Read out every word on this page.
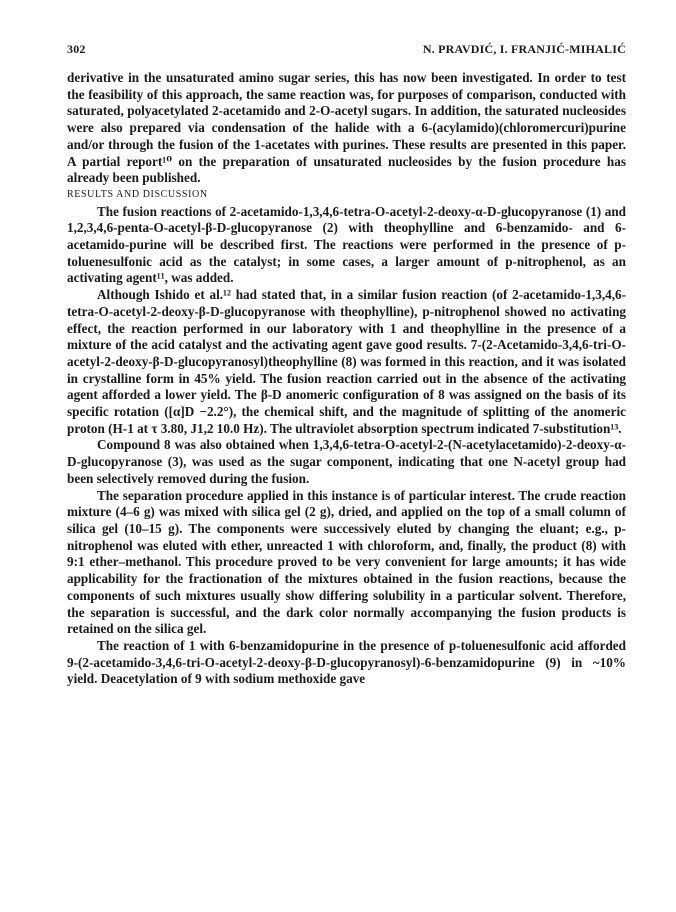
302	N. PRAVDIĆ, I. FRANJIĆ-MIHALIĆ

derivative in the unsaturated amino sugar series, this has now been investigated. In order to test the feasibility of this approach, the same reaction was, for purposes of comparison, conducted with saturated, polyacetylated 2-acetamido and 2-O-acetyl sugars. In addition, the saturated nucleosides were also prepared via condensation of the halide with a 6-(acylamido)(chloromercuri)purine and/or through the fusion of the 1-acetates with purines. These results are presented in this paper. A partial report¹⁰ on the preparation of unsaturated nucleosides by the fusion procedure has already been published.

RESULTS AND DISCUSSION

The fusion reactions of 2-acetamido-1,3,4,6-tetra-O-acetyl-2-deoxy-α-D-glucopyranose (1) and 1,2,3,4,6-penta-O-acetyl-β-D-glucopyranose (2) with theophylline and 6-benzamido- and 6-acetamido-purine will be described first. The reactions were performed in the presence of p-toluenesulfonic acid as the catalyst; in some cases, a larger amount of p-nitrophenol, as an activating agent¹¹, was added.

Although Ishido et al.¹² had stated that, in a similar fusion reaction (of 2-acetamido-1,3,4,6-tetra-O-acetyl-2-deoxy-β-D-glucopyranose with theophylline), p-nitrophenol showed no activating effect, the reaction performed in our laboratory with 1 and theophylline in the presence of a mixture of the acid catalyst and the activating agent gave good results. 7-(2-Acetamido-3,4,6-tri-O-acetyl-2-deoxy-β-D-glucopyranosyl)theophylline (8) was formed in this reaction, and it was isolated in crystalline form in 45% yield. The fusion reaction carried out in the absence of the activating agent afforded a lower yield. The β-D anomeric configuration of 8 was assigned on the basis of its specific rotation ([α]D −2.2°), the chemical shift, and the magnitude of splitting of the anomeric proton (H-1 at τ 3.80, J1,2 10.0 Hz). The ultraviolet absorption spectrum indicated 7-substitution¹³.

Compound 8 was also obtained when 1,3,4,6-tetra-O-acetyl-2-(N-acetylacetamido)-2-deoxy-α-D-glucopyranose (3), was used as the sugar component, indicating that one N-acetyl group had been selectively removed during the fusion.

The separation procedure applied in this instance is of particular interest. The crude reaction mixture (4–6 g) was mixed with silica gel (2 g), dried, and applied on the top of a small column of silica gel (10–15 g). The components were successively eluted by changing the eluant; e.g., p-nitrophenol was eluted with ether, unreacted 1 with chloroform, and, finally, the product (8) with 9:1 ether–methanol. This procedure proved to be very convenient for large amounts; it has wide applicability for the fractionation of the mixtures obtained in the fusion reactions, because the components of such mixtures usually show differing solubility in a particular solvent. Therefore, the separation is successful, and the dark color normally accompanying the fusion products is retained on the silica gel.

The reaction of 1 with 6-benzamidopurine in the presence of p-toluenesulfonic acid afforded 9-(2-acetamido-3,4,6-tri-O-acetyl-2-deoxy-β-D-glucopyranosyl)-6-benzamidopurine (9) in ~10% yield. Deacetylation of 9 with sodium methoxide gave
